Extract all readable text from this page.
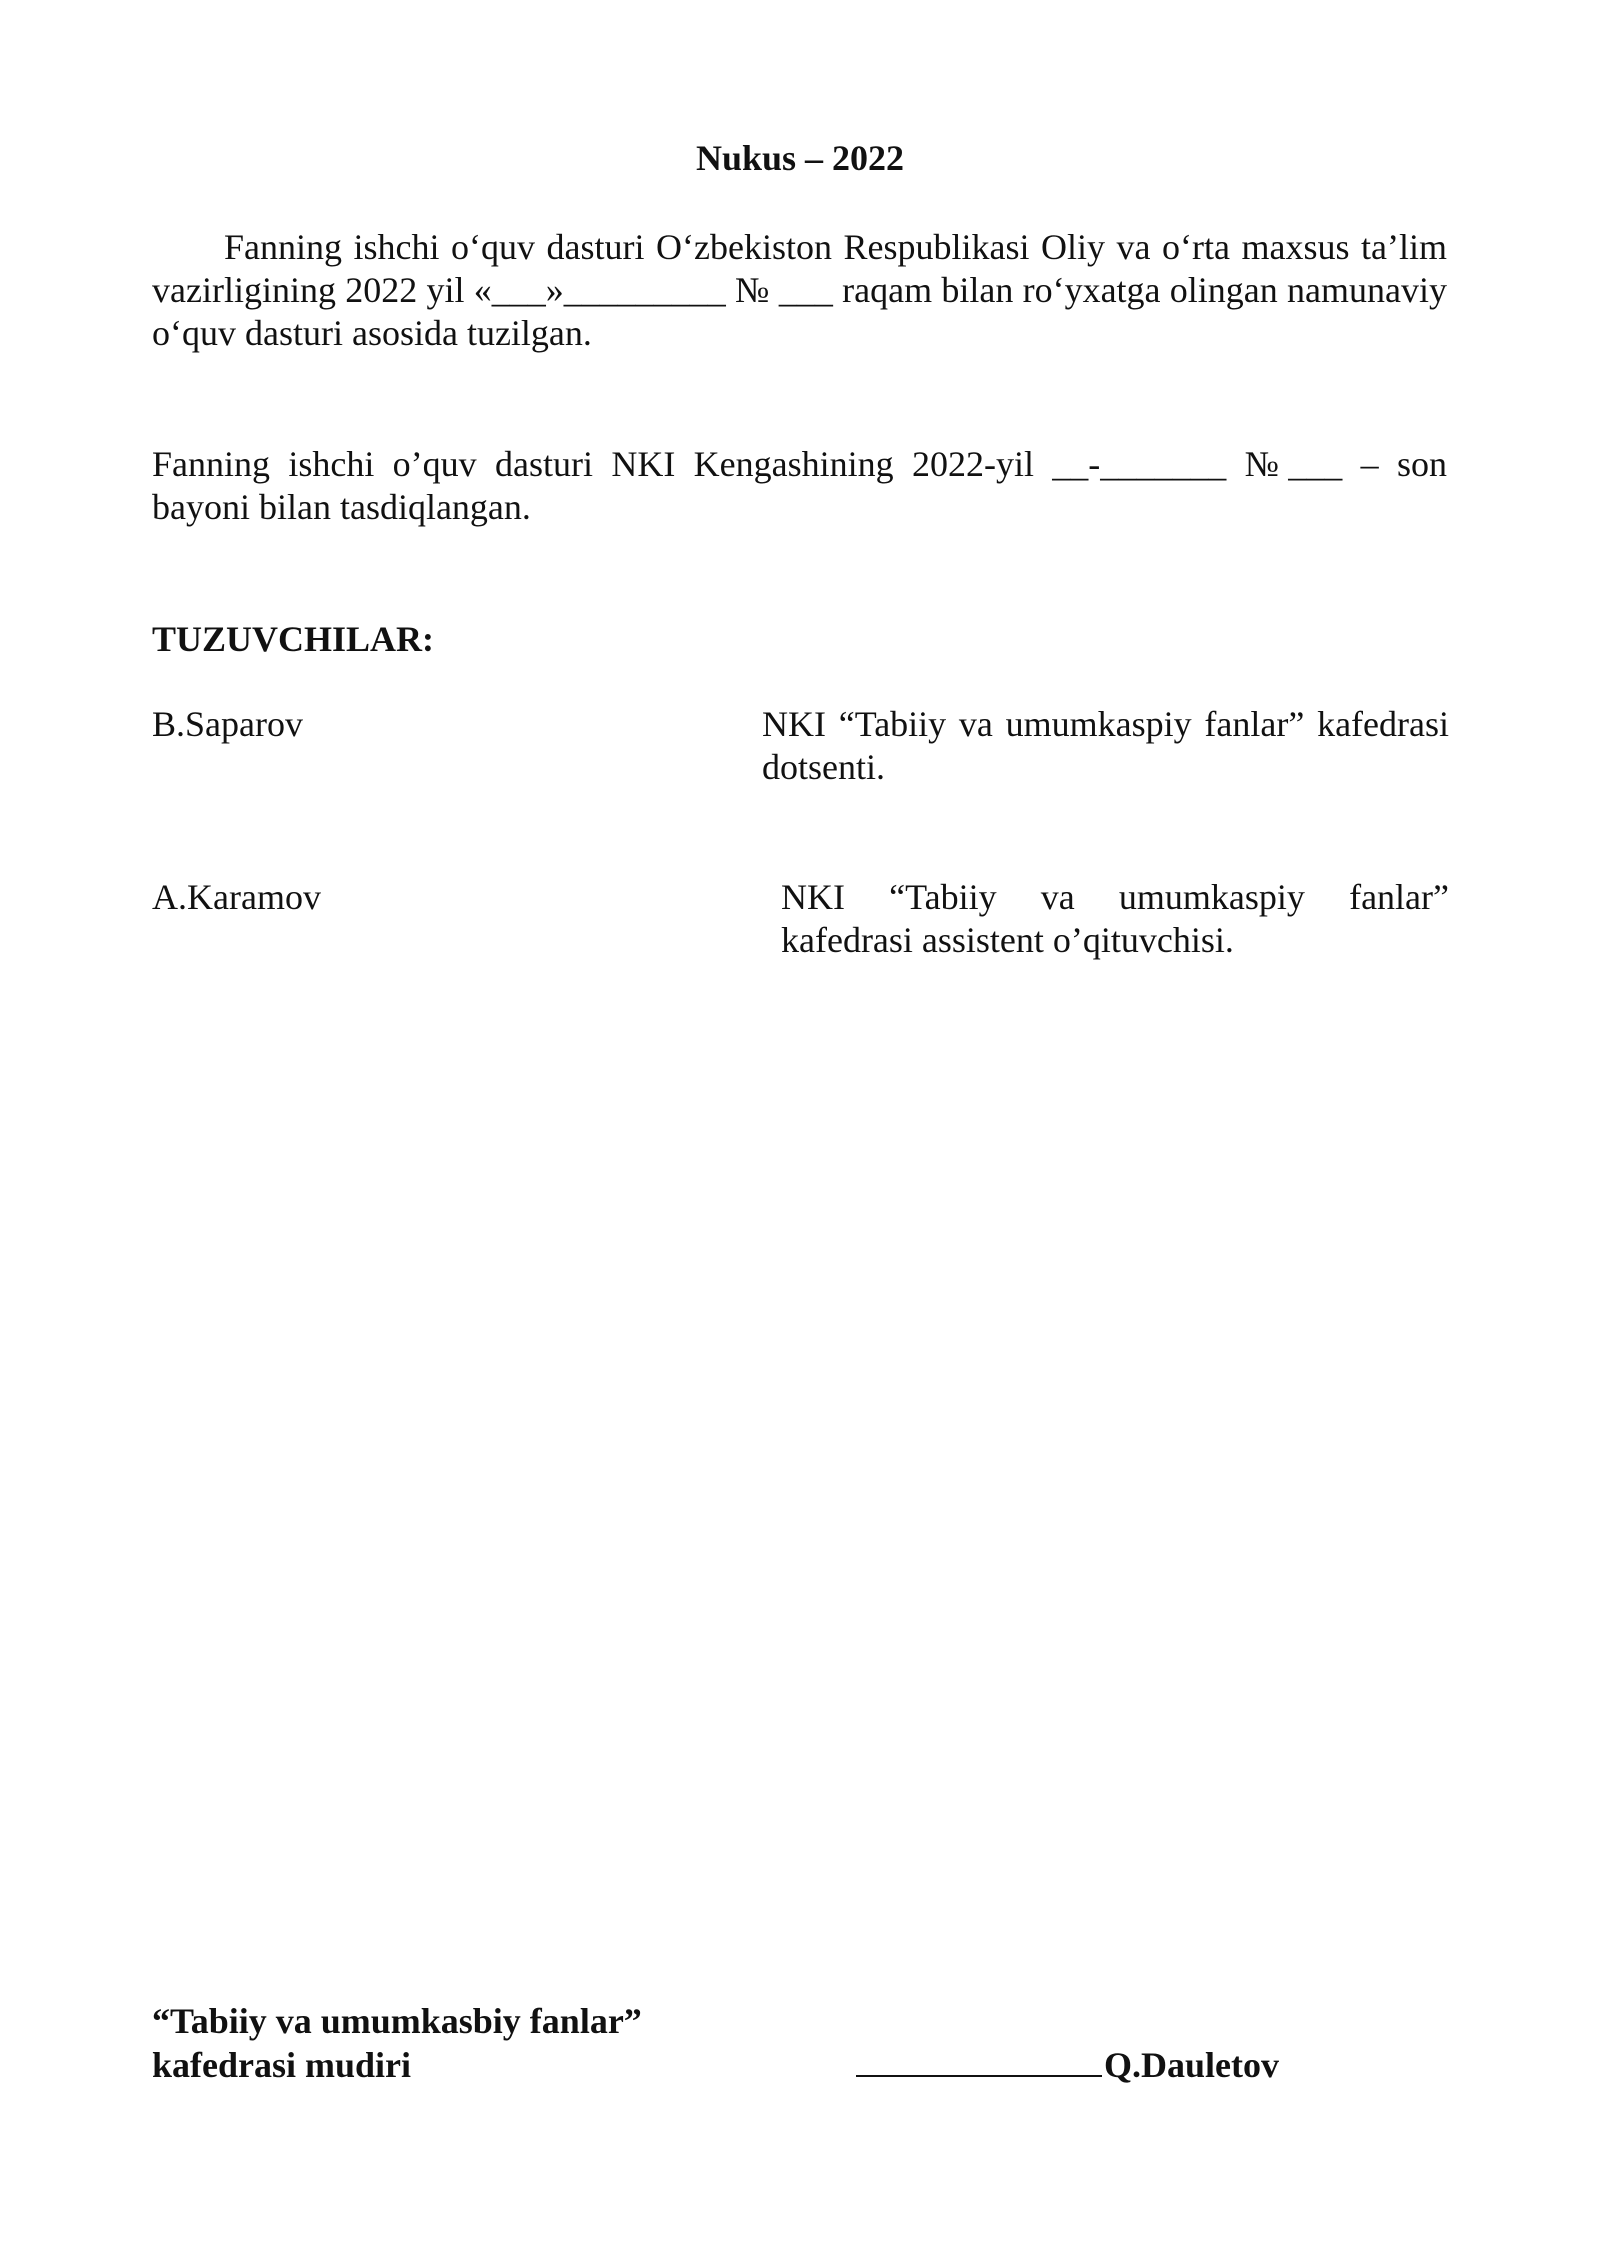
Nukus – 2022
Fanning ishchi o‘quv dasturi O‘zbekiston Respublikasi Oliy va o‘rta maxsus ta’lim vazirligining 2022 yil «___»_________ № ___ raqam bilan ro‘yxatga olingan namunaviy o‘quv dasturi asosida tuzilgan.
Fanning ishchi o’quv dasturi NKI Kengashining 2022-yil __-_______ №___ – son bayoni bilan tasdiqlangan.
TUZUVCHILAR:
B.Saparov	NKI “Tabiiy va umumkaspiy fanlar” kafedrasi dotsenti.
A.Karamov	NKI “Tabiiy va umumkaspiy fanlar” kafedrasi assistent o’qituvchisi.
“Tabiiy va umumkasbiy fanlar”
kafedrasi mudiri	Q.Dauletov
